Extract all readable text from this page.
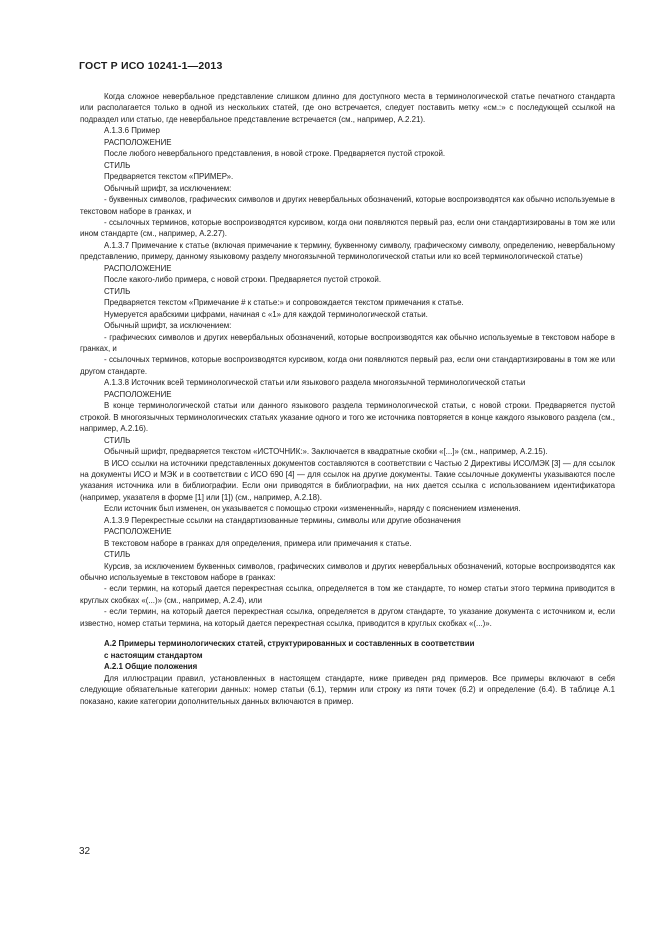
ГОСТ Р ИСО 10241-1—2013

Когда сложное невербальное представление слишком длинно для доступного места в терминологической статье печатного стандарта или располагается только в одной из нескольких статей, где оно встречается, следует поставить метку «см.:» с последующей ссылкой на подраздел или статью, где невербальное представление встречается (см., например, А.2.21).

А.1.3.6 Пример

РАСПОЛОЖЕНИЕ

После любого невербального представления, в новой строке. Предваряется пустой строкой.

СТИЛЬ

Предваряется текстом «ПРИМЕР».

Обычный шрифт, за исключением:

- буквенных символов, графических символов и других невербальных обозначений, которые воспроизводятся как обычно используемые в текстовом наборе в гранках, и

- ссылочных терминов, которые воспроизводятся курсивом, когда они появляются первый раз, если они стандартизированы в том же или ином стандарте (см., например, А.2.27).

А.1.3.7 Примечание к статье (включая примечание к термину, буквенному символу, графическому символу, определению, невербальному представлению, примеру, данному языковому разделу многоязычной терминологической статьи или ко всей терминологической статье)

РАСПОЛОЖЕНИЕ

После какого-либо примера, с новой строки. Предваряется пустой строкой.

СТИЛЬ

Предваряется текстом «Примечание # к статье:» и сопровождается текстом примечания к статье.

Нумеруется арабскими цифрами, начиная с «1» для каждой терминологической статьи.

Обычный шрифт, за исключением:

- графических символов и других невербальных обозначений, которые воспроизводятся как обычно используемые в текстовом наборе в гранках, и

- ссылочных терминов, которые воспроизводятся курсивом, когда они появляются первый раз, если они стандартизированы в том же или другом стандарте.

А.1.3.8 Источник всей терминологической статьи или языкового раздела многоязычной терминологической статьи

РАСПОЛОЖЕНИЕ

В конце терминологической статьи или данного языкового раздела терминологической статьи, с новой строки. Предваряется пустой строкой. В многоязычных терминологических статьях указание одного и того же источника повторяется в конце каждого языкового раздела (см., например, А.2.16).

СТИЛЬ

Обычный шрифт, предваряется текстом «ИСТОЧНИК:». Заключается в квадратные скобки «[...]» (см., например, А.2.15).

В ИСО ссылки на источники представленных документов составляются в соответствии с Частью 2 Директивы ИСО/МЭК [3] — для ссылок на документы ИСО и МЭК и в соответствии с ИСО 690 [4] — для ссылок на другие документы. Такие ссылочные документы указываются после указания источника или в библиографии. Если они приводятся в библиографии, на них дается ссылка с использованием идентификатора (например, указателя в форме [1] или [1]) (см., например, А.2.18).

Если источник был изменен, он указывается с помощью строки «измененный», наряду с пояснением изменения.

А.1.3.9 Перекрестные ссылки на стандартизованные термины, символы или другие обозначения

РАСПОЛОЖЕНИЕ

В текстовом наборе в гранках для определения, примера или примечания к статье.

СТИЛЬ

Курсив, за исключением буквенных символов, графических символов и других невербальных обозначений, которые воспроизводятся как обычно используемые в текстовом наборе в гранках:

- если термин, на который дается перекрестная ссылка, определяется в том же стандарте, то номер статьи этого термина приводится в круглых скобках «(...)» (см., например, А.2.4), или

- если термин, на который дается перекрестная ссылка, определяется в другом стандарте, то указание документа с источником и, если известно, номер статьи термина, на который дается перекрестная ссылка, приводится в круглых скобках «(...)».

А.2 Примеры терминологических статей, структурированных и составленных в соответствии
с настоящим стандартом

А.2.1 Общие положения

Для иллюстрации правил, установленных в настоящем стандарте, ниже приведен ряд примеров. Все примеры включают в себя следующие обязательные категории данных: номер статьи (6.1), термин или строку из пяти точек (6.2) и определение (6.4). В таблице А.1 показано, какие категории дополнительных данных включаются в пример.

32
